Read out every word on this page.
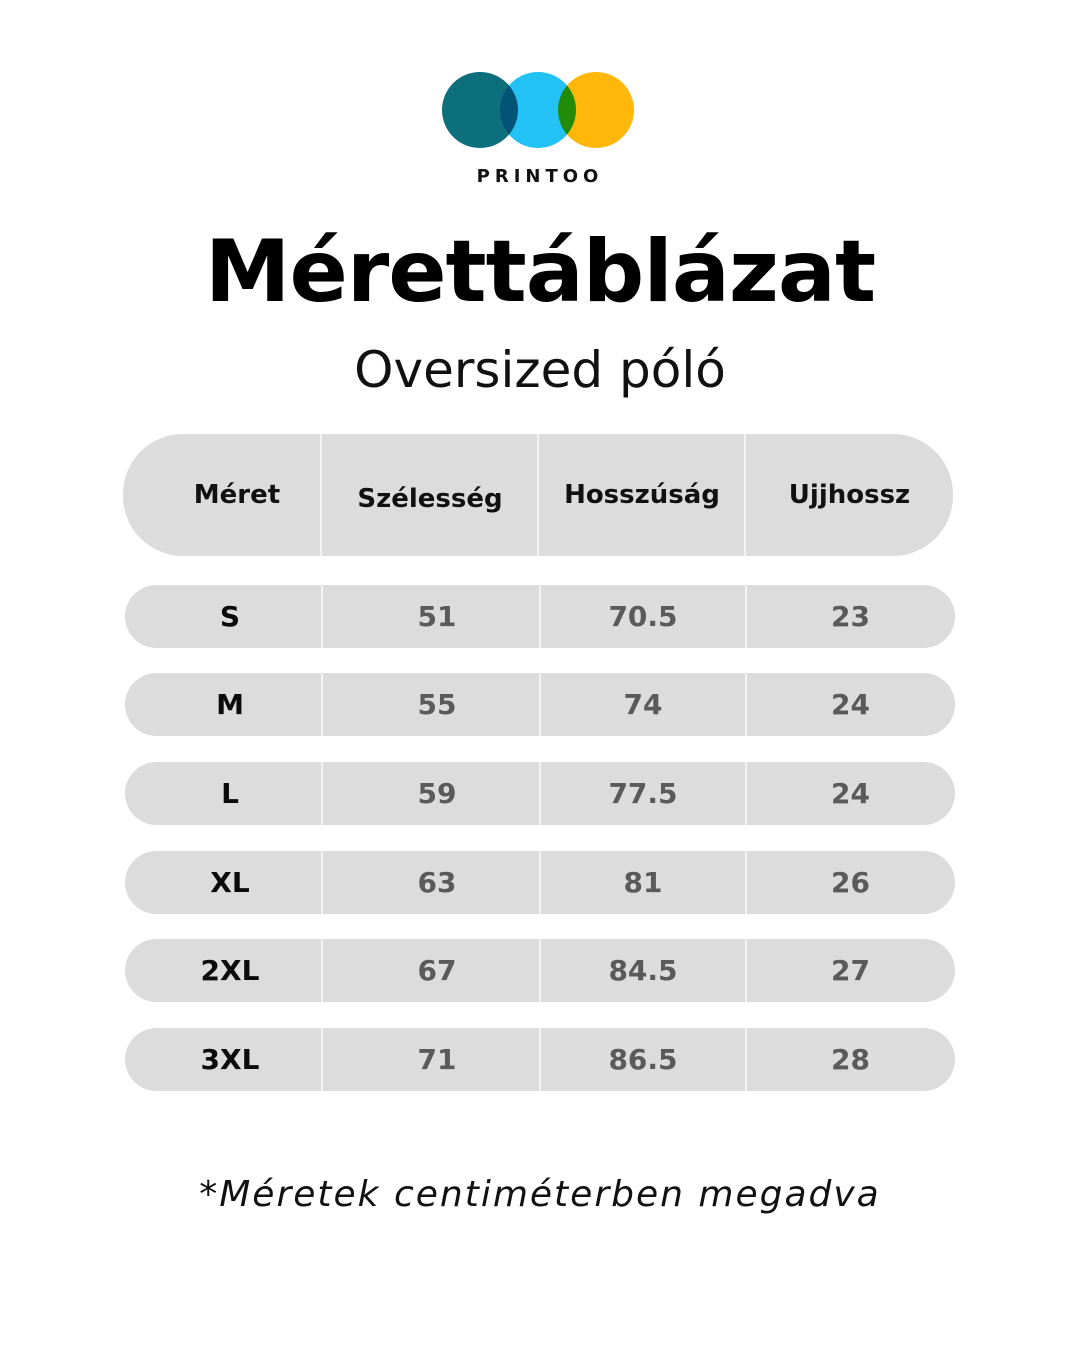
PRINTOO
Mérettáblázat
Oversized póló
Méret	Szélesség	Hosszúság	Ujjhossz
S	51	70.5	23
M	55	74	24
L	59	77.5	24
XL	63	81	26
2XL	67	84.5	27
3XL	71	86.5	28
*Méretek centiméterben megadva
